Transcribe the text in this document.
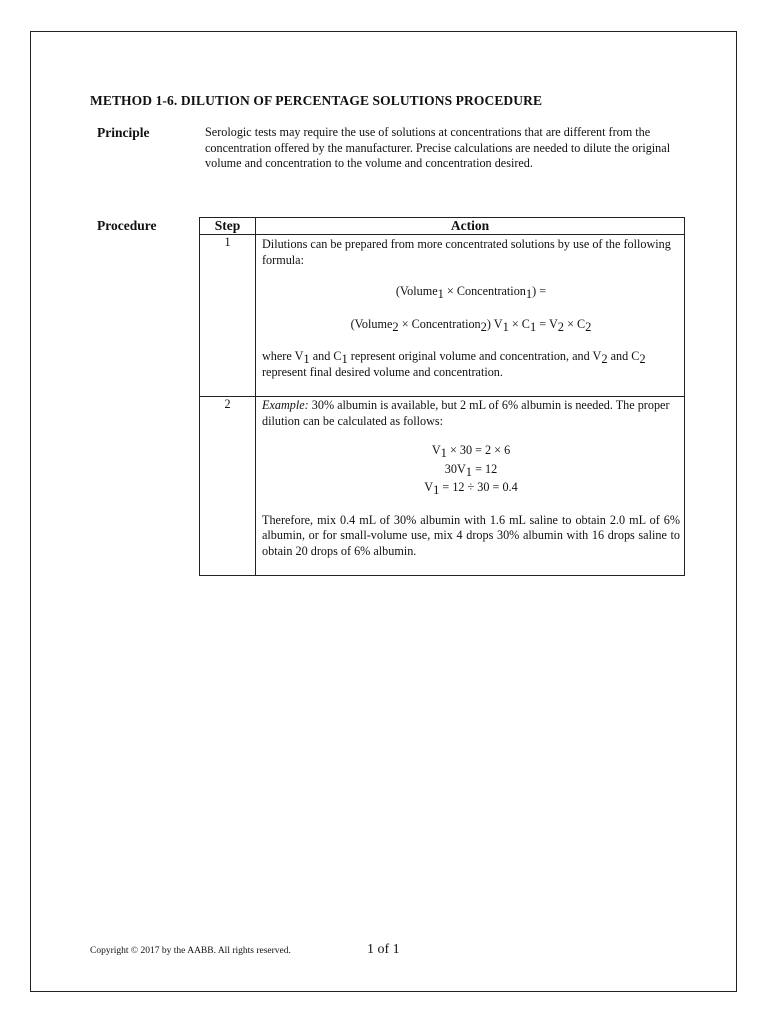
METHOD 1-6. DILUTION OF PERCENTAGE SOLUTIONS PROCEDURE
Principle	Serologic tests may require the use of solutions at concentrations that are different from the concentration offered by the manufacturer. Precise calculations are needed to dilute the original volume and concentration to the volume and concentration desired.
Procedure	Step	Action
1	Dilutions can be prepared from more concentrated solutions by use of the following formula:

(Volume$_1$ × Concentration$_1$) =

(Volume$_2$ × Concentration$_2$) $V_1 \times C_1 = V_2 \times C_2$

where $V_1$ and $C_1$ represent original volume and concentration, and $V_2$ and $C_2$ represent final desired volume and concentration.

2	Example: 30% albumin is available, but 2 mL of 6% albumin is needed. The proper dilution can be calculated as follows:

$V_1 \times 30 = 2 \times 6$

$30V_1 = 12$

$V_1 = 12 \div 30 = 0.4$

Therefore, mix 0.4 mL of 30% albumin with 1.6 mL saline to obtain 2.0 mL of 6% albumin, or for small-volume use, mix 4 drops 30% albumin with 16 drops saline to obtain 20 drops of 6% albumin.

Copyright © 2017 by the AABB. All rights reserved.	1 of 1
